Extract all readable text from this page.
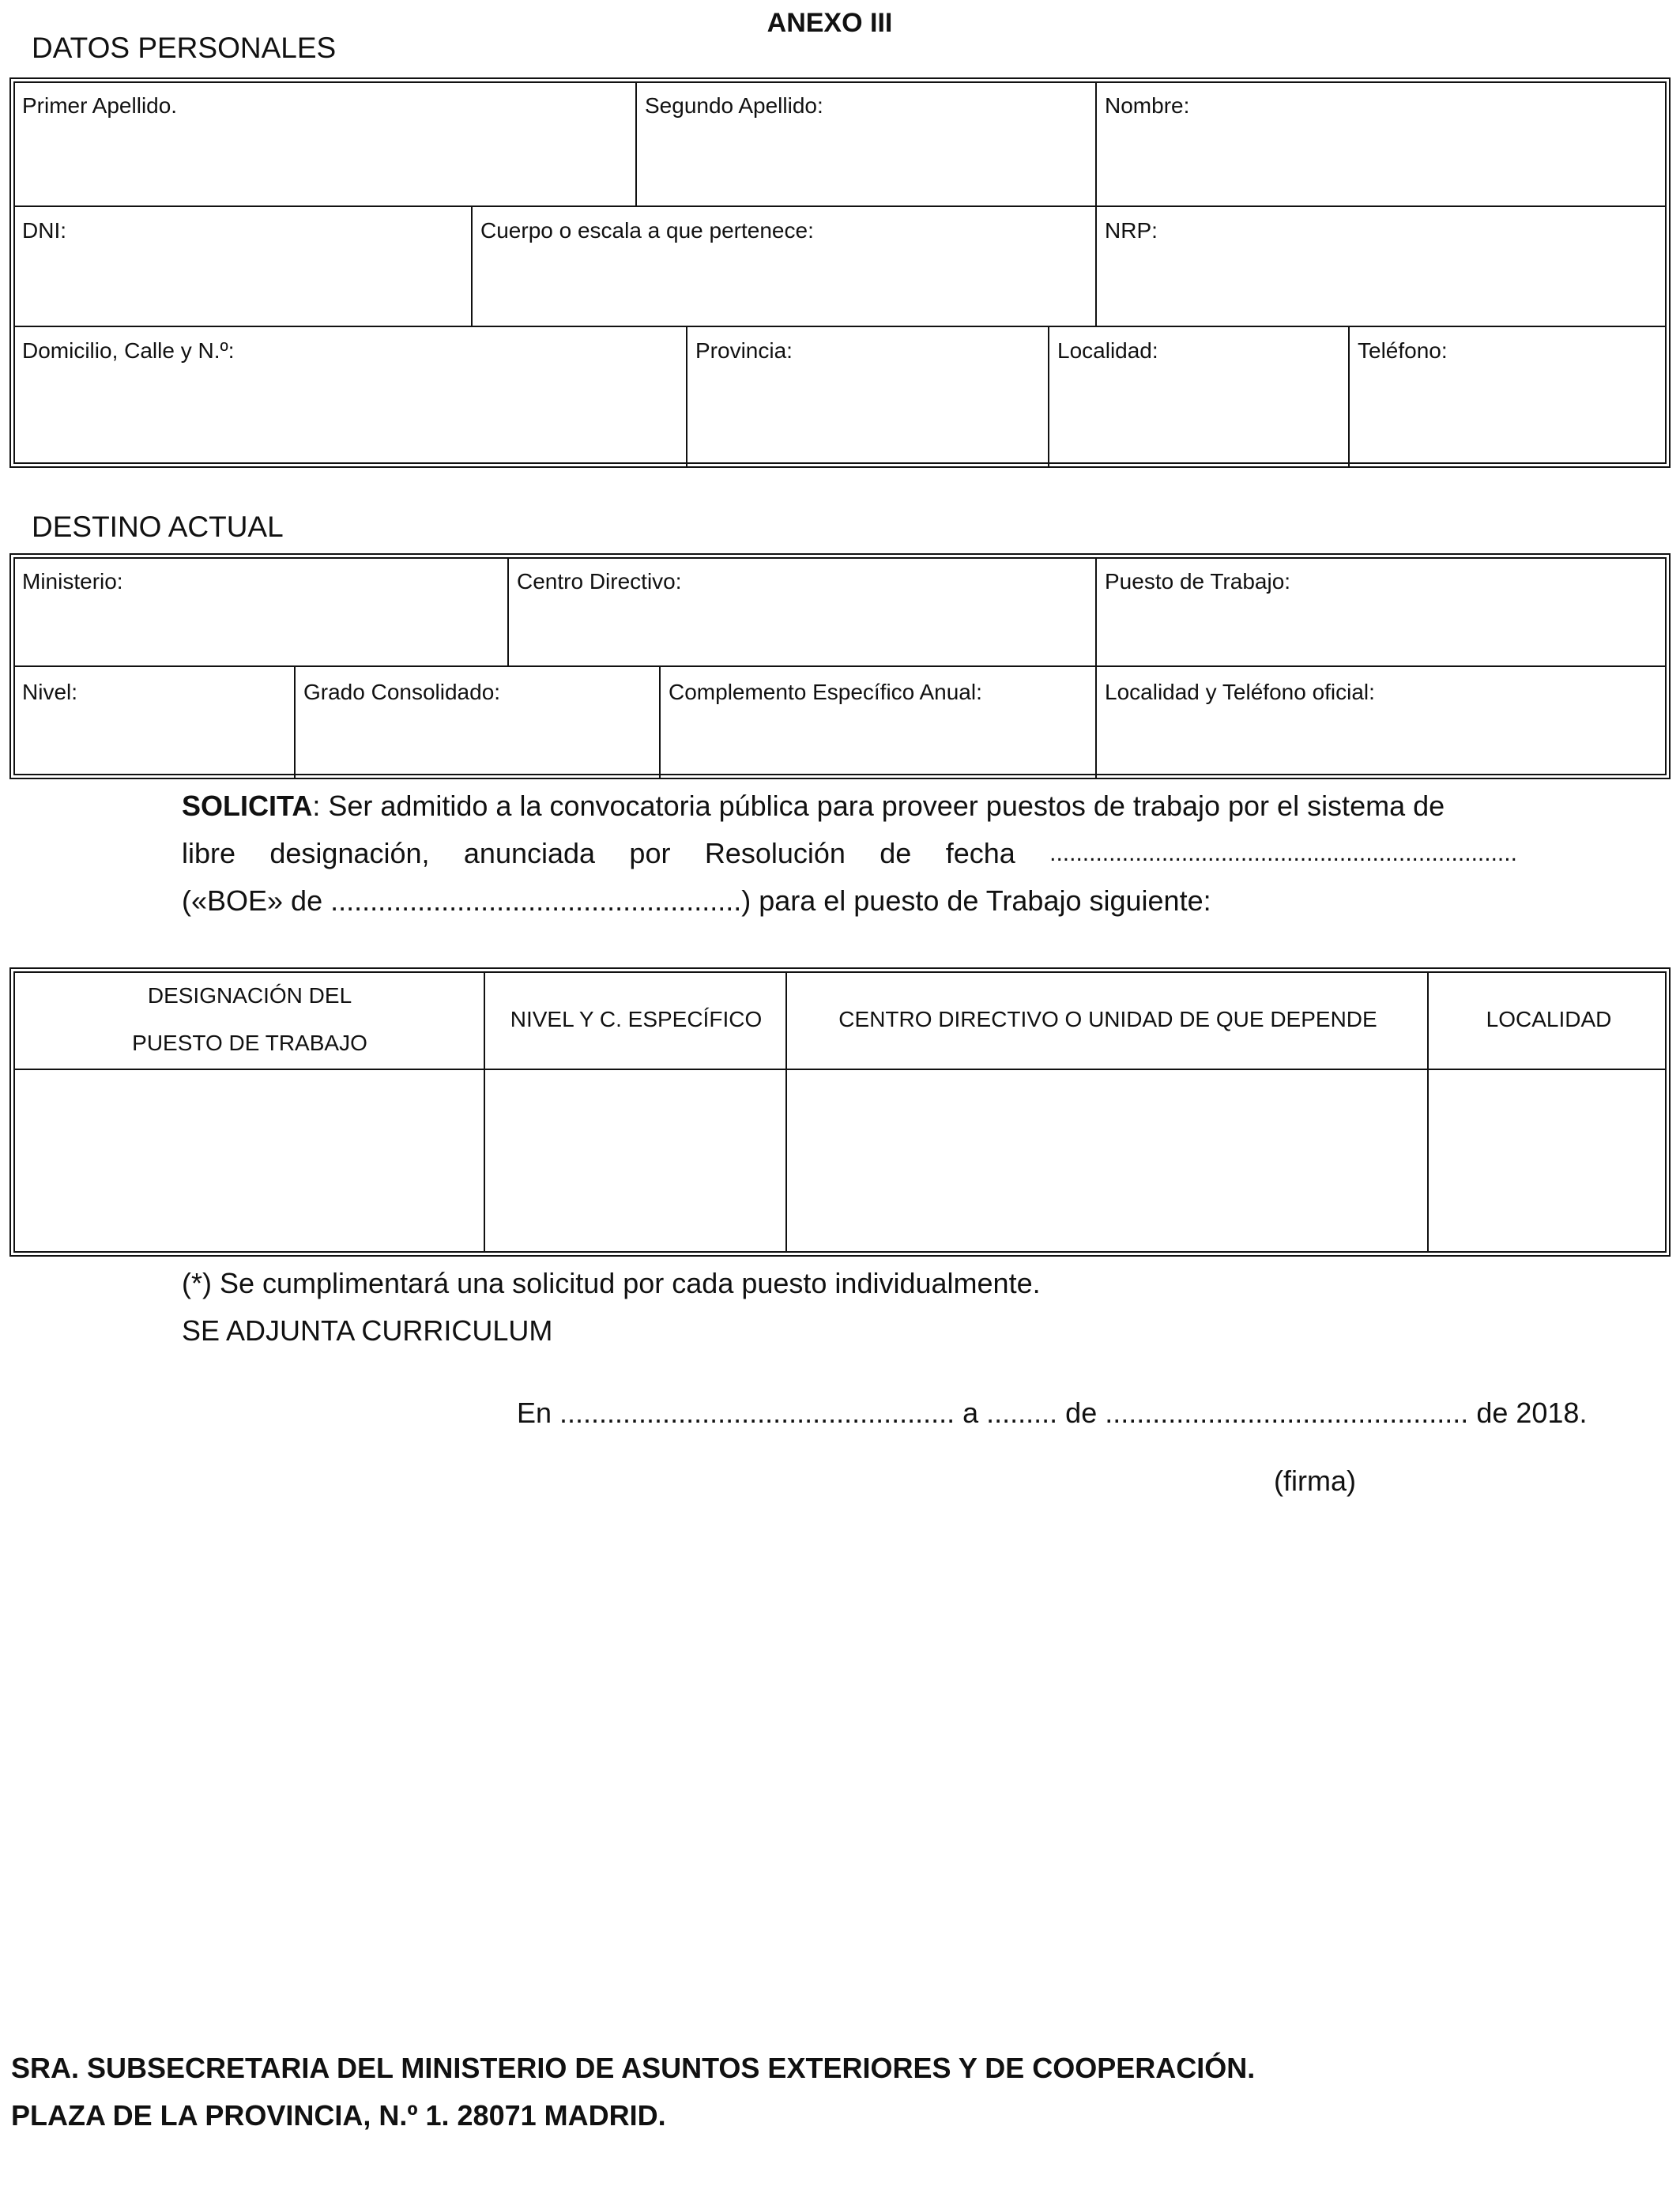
ANEXO III
DATOS PERSONALES
Primer Apellido.	Segundo Apellido:	Nombre:
DNI:	Cuerpo o escala a que pertenece:	NRP:
Domicilio, Calle y N.º:	Provincia:	Localidad:	Teléfono:
DESTINO ACTUAL
Ministerio:	Centro Directivo:	Puesto de Trabajo:
Nivel:	Grado Consolidado:	Complemento Específico Anual:	Localidad y Teléfono oficial:
SOLICITA: Ser admitido a la convocatoria pública para proveer puestos de trabajo por el sistema de
libre designación, anunciada por Resolución de fecha .......................................................................
(«BOE» de ....................................................) para el puesto de Trabajo siguiente:
DESIGNACIÓN DEL
PUESTO DE TRABAJO
NIVEL Y C. ESPECÍFICO	CENTRO DIRECTIVO O UNIDAD DE QUE DEPENDE	LOCALIDAD
(*) Se cumplimentará una solicitud por cada puesto individualmente.
SE ADJUNTA CURRICULUM
En .................................................. a ......... de .............................................. de 2018.
(firma)
SRA. SUBSECRETARIA DEL MINISTERIO DE ASUNTOS EXTERIORES Y DE COOPERACIÓN.
PLAZA DE LA PROVINCIA, N.º 1. 28071 MADRID.
